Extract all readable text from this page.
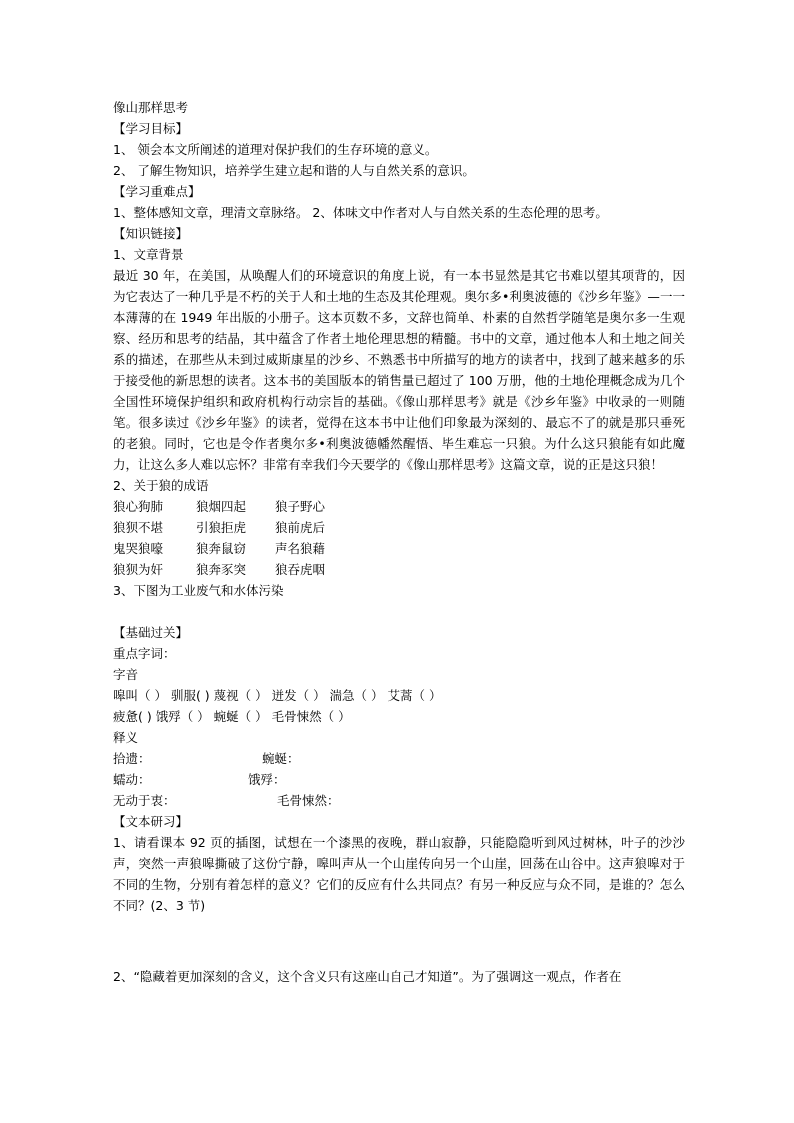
像山那样思考
【学习目标】
1、 领会本文所阐述的道理对保护我们的生存环境的意义。
2、 了解生物知识，培养学生建立起和谐的人与自然关系的意识。
【学习重难点】
1、整体感知文章，理清文章脉络。 2、体味文中作者对人与自然关系的生态伦理的思考。
【知识链接】
1、文章背景
最近 30 年，在美国，从唤醒人们的环境意识的角度上说，有一本书显然是其它书难以望其项背的，因为它表达了一种几乎是不朽的关于人和土地的生态及其伦理观。奥尔多•利奥波德的《沙乡年鉴》—一一本薄薄的在 1949 年出版的小册子。这本页数不多，文辞也简单、朴素的自然哲学随笔是奥尔多一生观察、经历和思考的结晶，其中蕴含了作者土地伦理思想的精髓。书中的文章，通过他本人和土地之间关系的描述，在那些从未到过威斯康星的沙乡、不熟悉书中所描写的地方的读者中，找到了越来越多的乐于接受他的新思想的读者。这本书的美国版本的销售量已超过了 100 万册，他的土地伦理概念成为几个全国性环境保护组织和政府机构行动宗旨的基础。《像山那样思考》就是《沙乡年鉴》中收录的一则随笔。很多读过《沙乡年鉴》的读者，觉得在这本书中让他们印象最为深刻的、最忘不了的就是那只垂死的老狼。同时，它也是令作者奥尔多•利奥波德幡然醒悟、毕生难忘一只狼。为什么这只狼能有如此魔力，让这么多人难以忘怀？非常有幸我们今天要学的《像山那样思考》这篇文章，说的正是这只狼！
2、关于狼的成语
狼心狗肺	狼烟四起	狼子野心
狼狈不堪	引狼拒虎	狼前虎后
鬼哭狼嚎	狼奔鼠窃	声名狼藉
狼狈为奸	狼奔豕突	狼吞虎咽
3、下图为工业废气和水体污染
【基础过关】
重点字词：
字音
嗥叫（ ） 驯服( ) 蔑视（ ） 迸发（ ） 湍急（ ） 艾蒿（ ）
疲惫( ) 饿殍（ ） 蜿蜒（ ） 毛骨悚然（ ）
释义
拾遗：	蜿蜒：
蠕动：	饿殍：
无动于衷：	毛骨悚然：
【文本研习】
1、请看课本 92 页的插图，试想在一个漆黑的夜晚，群山寂静，只能隐隐听到风过树林，叶子的沙沙声，突然一声狼嗥撕破了这份宁静，嗥叫声从一个山崖传向另一个山崖，回荡在山谷中。这声狼嗥对于不同的生物，分别有着怎样的意义？它们的反应有什么共同点？有另一种反应与众不同，是谁的？怎么不同？(2、3 节)
2、“隐藏着更加深刻的含义，这个含义只有这座山自己才知道”。为了强调这一观点，作者在
